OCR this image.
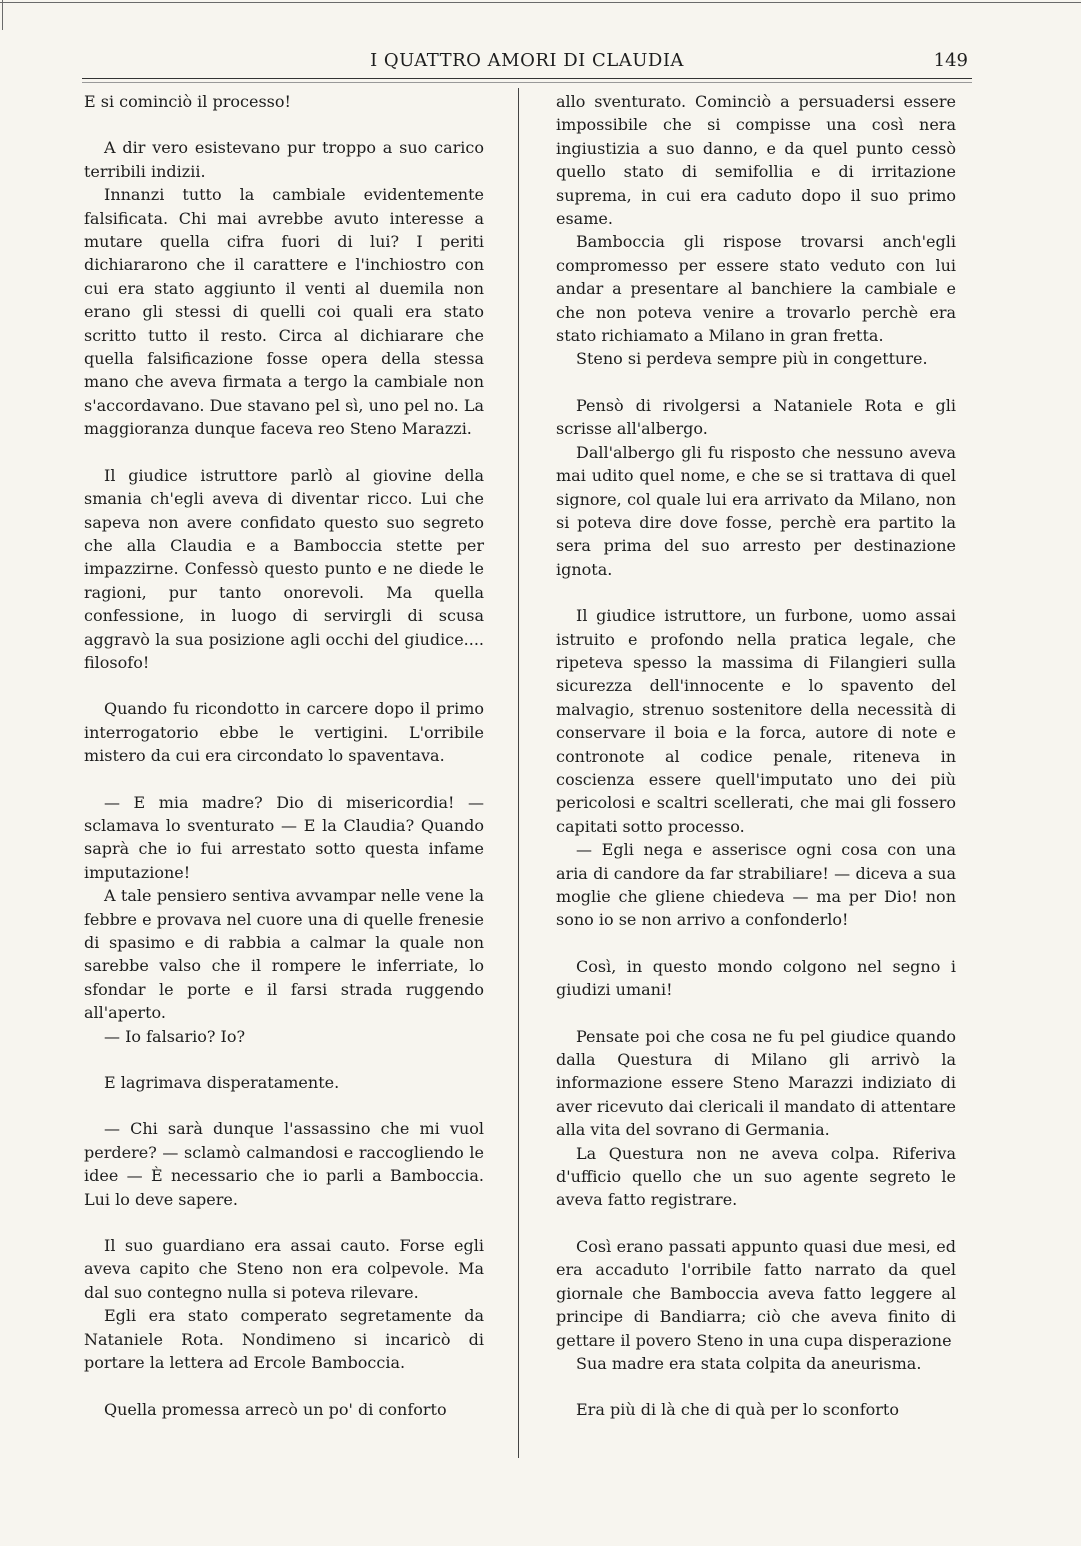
I QUATTRO AMORI DI CLAUDIA	149

E si cominciò il processo!

A dir vero esistevano pur troppo a suo carico terribili indizii.

Innanzi tutto la cambiale evidentemente falsificata. Chi mai avrebbe avuto interesse a mutare quella cifra fuori di lui? I periti dichiararono che il carattere e l'inchiostro con cui era stato aggiunto il venti al duemila non erano gli stessi di quelli coi quali era stato scritto tutto il resto. Circa al dichiarare che quella falsificazione fosse opera della stessa mano che aveva firmata a tergo la cambiale non s'accordavano. Due stavano pel sì, uno pel no. La maggioranza dunque faceva reo Steno Marazzi.

Il giudice istruttore parlò al giovine della smania ch'egli aveva di diventar ricco. Lui che sapeva non avere confidato questo suo segreto che alla Claudia e a Bamboccia stette per impazzirne. Confessò questo punto e ne diede le ragioni, pur tanto onorevoli. Ma quella confessione, in luogo di servirgli di scusa aggravò la sua posizione agli occhi del giudice.... filosofo!

Quando fu ricondotto in carcere dopo il primo interrogatorio ebbe le vertigini. L'orribile mistero da cui era circondato lo spaventava.

— E mia madre? Dio di misericordia! — sclamava lo sventurato — E la Claudia? Quando saprà che io fui arrestato sotto questa infame imputazione!

A tale pensiero sentiva avvampar nelle vene la febbre e provava nel cuore una di quelle frenesie di spasimo e di rabbia a calmar la quale non sarebbe valso che il rompere le inferriate, lo sfondar le porte e il farsi strada ruggendo all'aperto.

— Io falsario? Io?

E lagrimava disperatamente.

— Chi sarà dunque l'assassino che mi vuol perdere? — sclamò calmandosi e raccogliendo le idee — È necessario che io parli a Bamboccia. Lui lo deve sapere.

Il suo guardiano era assai cauto. Forse egli aveva capito che Steno non era colpevole. Ma dal suo contegno nulla si poteva rilevare.

Egli era stato comperato segretamente da Nataniele Rota. Nondimeno si incaricò di portare la lettera ad Ercole Bamboccia.

Quella promessa arrecò un po' di conforto

allo sventurato. Cominciò a persuadersi essere impossibile che si compisse una così nera ingiustizia a suo danno, e da quel punto cessò quello stato di semifollia e di irritazione suprema, in cui era caduto dopo il suo primo esame.

Bamboccia gli rispose trovarsi anch'egli compromesso per essere stato veduto con lui andar a presentare al banchiere la cambiale e che non poteva venire a trovarlo perchè era stato richiamato a Milano in gran fretta.

Steno si perdeva sempre più in congetture.

Pensò di rivolgersi a Nataniele Rota e gli scrisse all'albergo.

Dall'albergo gli fu risposto che nessuno aveva mai udito quel nome, e che se si trattava di quel signore, col quale lui era arrivato da Milano, non si poteva dire dove fosse, perchè era partito la sera prima del suo arresto per destinazione ignota.

Il giudice istruttore, un furbone, uomo assai istruito e profondo nella pratica legale, che ripeteva spesso la massima di Filangieri sulla sicurezza dell'innocente e lo spavento del malvagio, strenuo sostenitore della necessità di conservare il boia e la forca, autore di note e contronote al codice penale, riteneva in coscienza essere quell'imputato uno dei più pericolosi e scaltri scellerati, che mai gli fossero capitati sotto processo.

— Egli nega e asserisce ogni cosa con una aria di candore da far strabiliare! — diceva a sua moglie che gliene chiedeva — ma per Dio! non sono io se non arrivo a confonderlo!

Così, in questo mondo colgono nel segno i giudizi umani!

Pensate poi che cosa ne fu pel giudice quando dalla Questura di Milano gli arrivò la informazione essere Steno Marazzi indiziato di aver ricevuto dai clericali il mandato di attentare alla vita del sovrano di Germania.

La Questura non ne aveva colpa. Riferiva d'ufficio quello che un suo agente segreto le aveva fatto registrare.

Così erano passati appunto quasi due mesi, ed era accaduto l'orribile fatto narrato da quel giornale che Bamboccia aveva fatto leggere al principe di Bandiarra; ciò che aveva finito di gettare il povero Steno in una cupa disperazione

Sua madre era stata colpita da aneurisma.

Era più di là che di quà per lo sconforto
